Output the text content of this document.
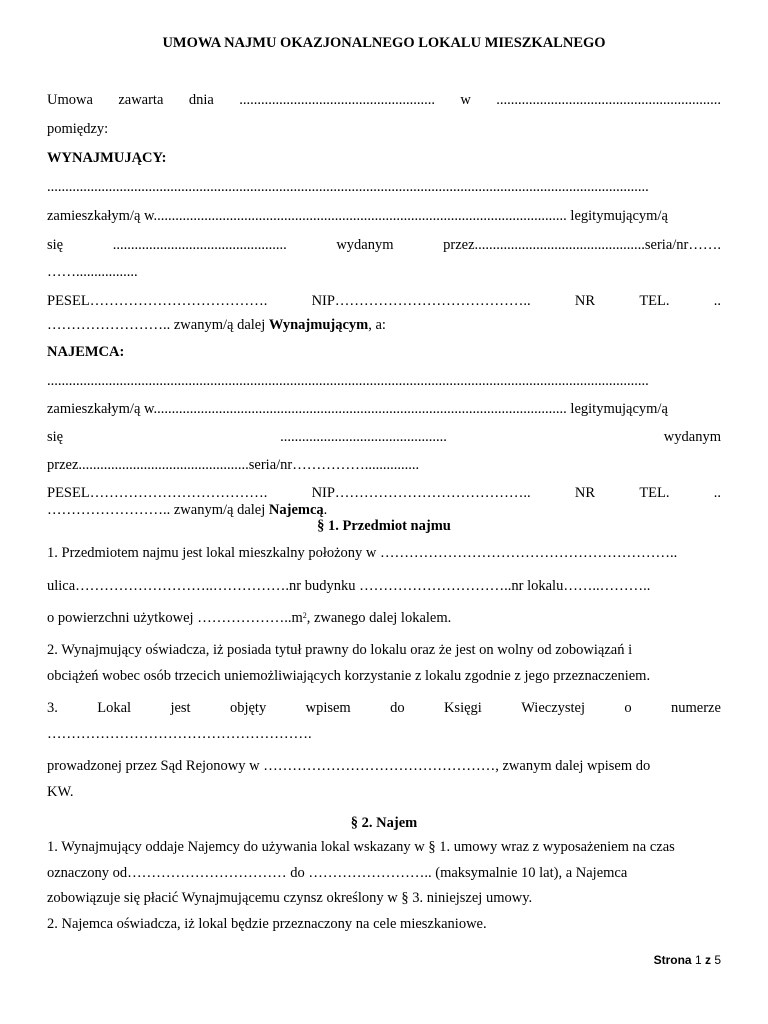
UMOWA NAJMU OKAZJONALNEGO LOKALU MIESZKALNEGO
Umowa zawarta dnia ...................................................... w ..............................................................
pomiędzy:
WYNAJMUJĄCY:
......................................................................................................................................................................
zamieszkałym/ą w.................................................................................................................. legitymującym/ą
się	................................................	wydanym	przez...............................................seria/nr…….
…….................
PESEL……………………………….	NIP…………………………………..	NR	TEL.	..
…………………….. zwanym/ą dalej Wynajmującym, a:
NAJEMCA:
......................................................................................................................................................................
zamieszkałym/ą w.................................................................................................................. legitymującym/ą
się	..............................................	wydanym
przez...............................................seria/nr……………...............
PESEL……………………………….	NIP…………………………………..	NR	TEL.	..
…………………….. zwanym/ą dalej Najemcą.
§ 1. Przedmiot najmu
1. Przedmiotem najmu jest lokal mieszkalny położony w ……………………………………………………..
ulica………………………..…………….nr budynku …………………………..nr lokalu……..………..
o powierzchni użytkowej $\dots\dots\dots\dots\dots\dots..m^2$, zwanego dalej lokalem.
2. Wynajmujący oświadcza, iż posiada tytuł prawny do lokalu oraz że jest on wolny od zobowiązań i
obciążeń wobec osób trzecich uniemożliwiających korzystanie z lokalu zgodnie z jego przeznaczeniem.
3.	Lokal	jest	objęty	wpisem	do	Księgi	Wieczystej	o	numerze
……………………………………………….
prowadzonej przez Sąd Rejonowy w …………………………………………, zwanym dalej wpisem do
KW.
§ 2. Najem
1. Wynajmujący oddaje Najemcy do używania lokal wskazany w § 1. umowy wraz z wyposażeniem na czas
oznaczony od…………………………… do …………………….. (maksymalnie 10 lat), a Najemca
zobowiązuje się płacić Wynajmującemu czynsz określony w § 3. niniejszej umowy.
2. Najemca oświadcza, iż lokal będzie przeznaczony na cele mieszkaniowe.
Strona 1 z 5
